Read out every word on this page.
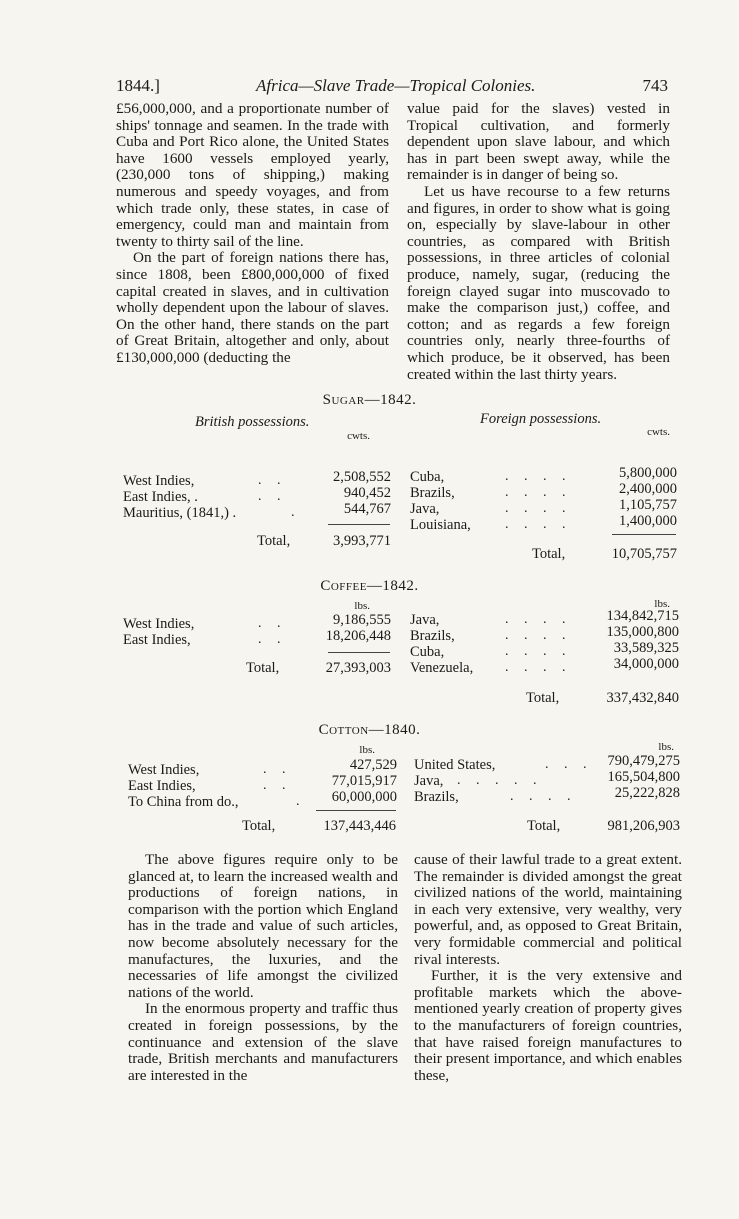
1844.]	Africa—Slave Trade—Tropical Colonies.	743

£56,000,000, and a proportionate number of ships' tonnage and seamen. In the trade with Cuba and Port Rico alone, the United States have 1600 vessels employed yearly, (230,000 tons of shipping,) making numerous and speedy voyages, and from which trade only, these states, in case of emergency, could man and maintain from twenty to thirty sail of the line.

On the part of foreign nations there has, since 1808, been £800,000,000 of fixed capital created in slaves, and in cultivation wholly dependent upon the labour of slaves. On the other hand, there stands on the part of Great Britain, altogether and only, about £130,000,000 (deducting the

value paid for the slaves) vested in Tropical cultivation, and formerly dependent upon slave labour, and which has in part been swept away, while the remainder is in danger of being so.

Let us have recourse to a few returns and figures, in order to show what is going on, especially by slave-labour in other countries, as compared with British possessions, in three articles of colonial produce, namely, sugar, (reducing the foreign clayed sugar into muscovado to make the comparison just,) coffee, and cotton; and as regards a few foreign countries only, nearly three-fourths of which produce, be it observed, has been created within the last thirty years.

Sugar—1842.
British possessions.	Foreign possessions.
cwts.	cwts.
West Indies,	. .	2,508,552
East Indies, .	. .	940,452
Mauritius, (1841,) .	.	544,767
Total,	3,993,771
Cuba,	. . . .	5,800,000
Brazils,	. . . .	2,400,000
Java,	. . . .	1,105,757
Louisiana, . . . .	1,400,000
Total,	10,705,757
Coffee—1842.
lbs.	lbs.
West Indies,	. .	9,186,555
East Indies,	. .	18,206,448
Total,	27,393,003
Java,	. . . .	134,842,715
Brazils,	. . . .	135,000,800
Cuba,	. . . .	33,589,325
Venezuela, . . . .	34,000,000
Total,	337,432,840
Cotton—1840.
lbs.	lbs.
West Indies,	. .	427,529
East Indies,	. .	77,015,917
To China from do.,	.	60,000,000
Total,	137,443,446
United States,	. . .	790,479,275
Java, . . . . .	165,504,800
Brazils,	. . . .	25,222,828
Total,	981,206,903

The above figures require only to be glanced at, to learn the increased wealth and productions of foreign nations, in comparison with the portion which England has in the trade and value of such articles, now become absolutely necessary for the manufactures, the luxuries, and the necessaries of life amongst the civilized nations of the world.

In the enormous property and traffic thus created in foreign possessions, by the continuance and extension of the slave trade, British merchants and manufacturers are interested in the

cause of their lawful trade to a great extent. The remainder is divided amongst the great civilized nations of the world, maintaining in each very extensive, very wealthy, very powerful, and, as opposed to Great Britain, very formidable commercial and political rival interests.

Further, it is the very extensive and profitable markets which the above-mentioned yearly creation of property gives to the manufacturers of foreign countries, that have raised foreign manufactures to their present importance, and which enables these,
